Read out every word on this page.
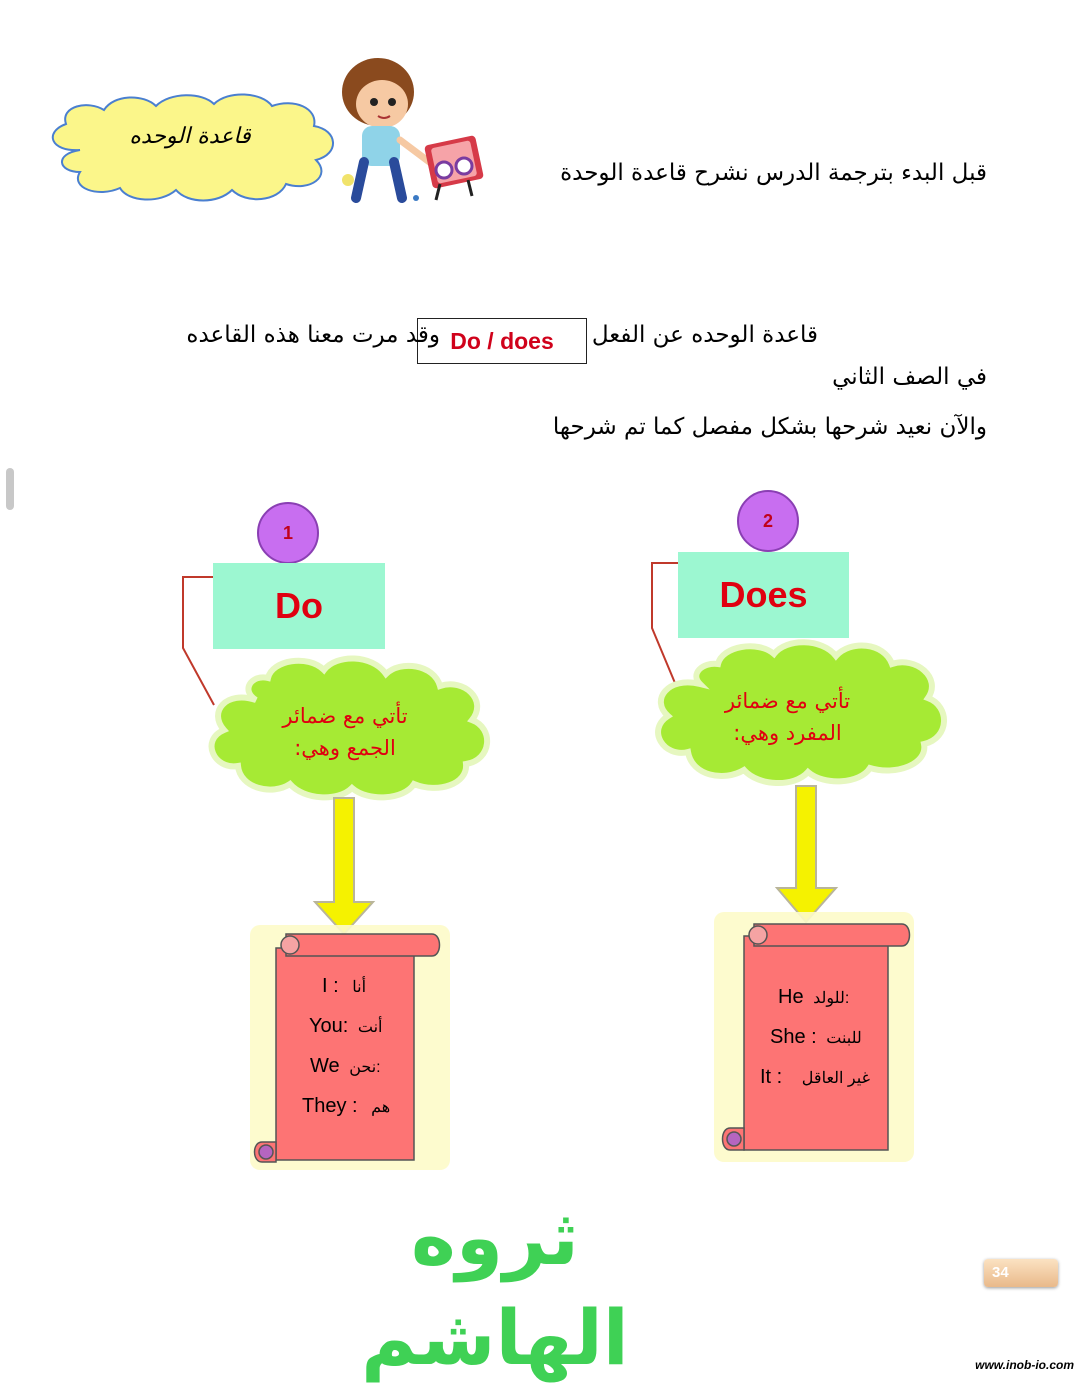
قاعدة الوحده
قبل البدء بترجمة الدرس نشرح قاعدة الوحدة
قاعدة الوحده عن الفعل
Do / does
وقد مرت معنا هذه القاعده
في الصف الثاني
والآن نعيد شرحها بشكل مفصل كما تم شرحها
1
Do
تأتي مع ضمائر
الجمع وهي:
I : أنا
You: أنت
We نحن:
They : هم
2
Does
تأتي مع ضمائر
المفرد وهي:
He للولد:
She : للبنت
It : غير العاقل
ثروه الهاشم
34
www.inob-io.com
